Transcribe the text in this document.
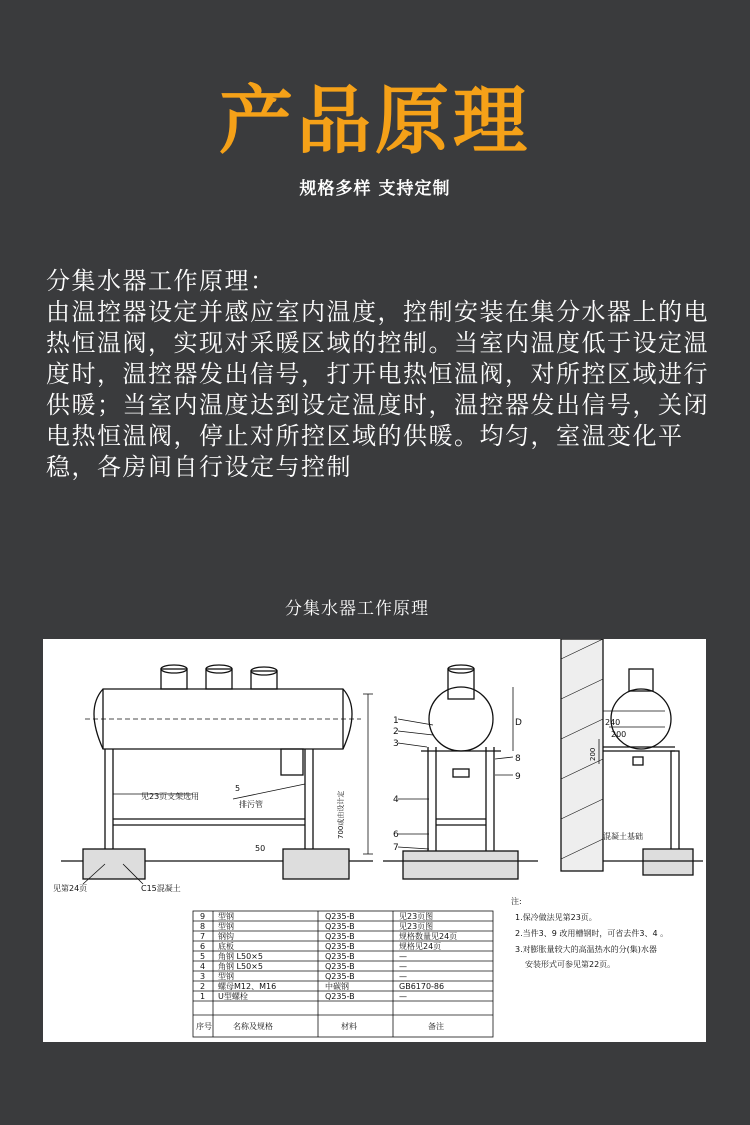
产品原理
规格多样 支持定制

分集水器工作原理：

由温控器设定并感应室内温度，控制安装在集分水器上的电热恒温阀，实现对采暖区域的控制。当室内温度低于设定温度时，温控器发出信号，打开电热恒温阀，对所控区域进行供暖；当室内温度达到设定温度时，温控器发出信号，关闭电热恒温阀，停止对所控区域的供暖。均匀，室温变化平稳，各房间自行设定与控制

分集水器工作原理
见23页支架选用
排污管	700或由设计定
见第24页	C15混凝土
50
5
1
2
3
4
6
7
8
9
D	240
200
200
混凝土基础
9 型钢	Q235-B	见23页图
8 型钢	Q235-B	见23页图
7 钢钩	Q235-B	规格数量见24页
6 底板	Q235-B	规格见24页
5 角钢 L50×5	Q235-B	—
4 角钢 L50×5	Q235-B	—
3 型钢	Q235-B	—
2 螺母M12、M16	中碳钢	GB6170-86
1 U型螺栓	Q235-B	—
序号	名称及规格	材料	备注
注:
1.保冷做法见第23页。
2.当件3、9 改用槽钢时，可省去件3、4 。
3.对膨胀量较大的高温热水的分(集)水器
安装形式可参见第22页。
